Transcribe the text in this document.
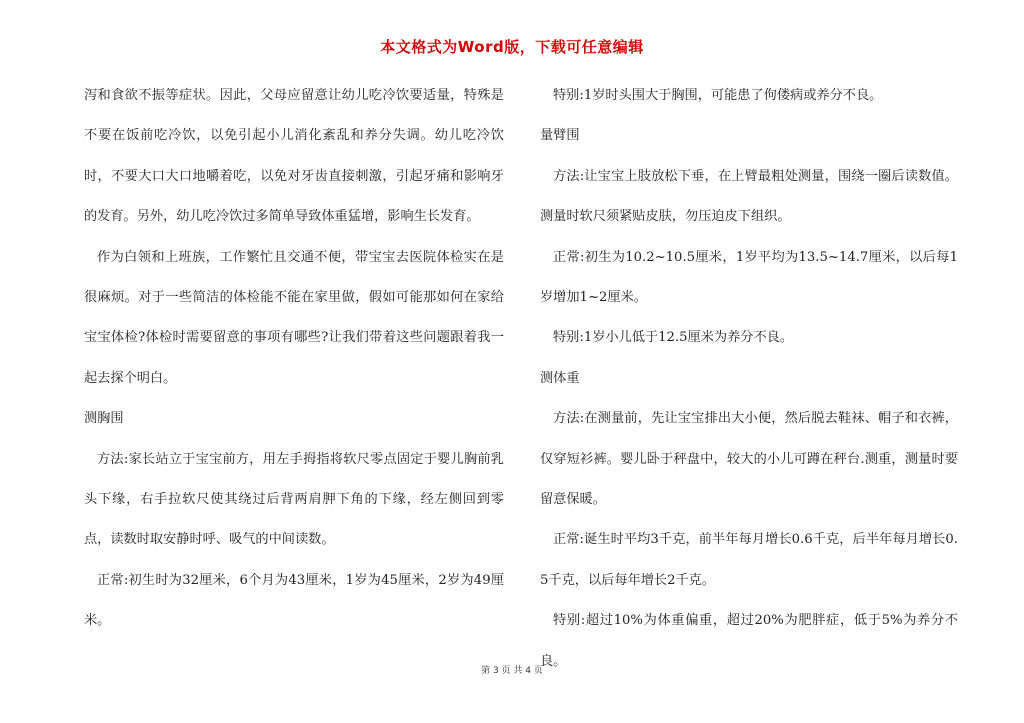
本文格式为Word版，下载可任意编辑

泻和食欲不振等症状。因此，父母应留意让幼儿吃冷饮要适量，特殊是不要在饭前吃冷饮，以免引起小儿消化紊乱和养分失调。幼儿吃冷饮时，不要大口大口地嚼着吃，以免对牙齿直接刺激，引起牙痛和影响牙的发育。另外，幼儿吃冷饮过多简单导致体重猛增，影响生长发育。

作为白领和上班族，工作繁忙且交通不便，带宝宝去医院体检实在是很麻烦。对于一些简洁的体检能不能在家里做，假如可能那如何在家给宝宝体检?体检时需要留意的事项有哪些?让我们带着这些问题跟着我一起去探个明白。

测胸围

方法:家长站立于宝宝前方，用左手拇指将软尺零点固定于婴儿胸前乳头下缘，右手拉软尺使其绕过后背两肩胛下角的下缘，经左侧回到零点，读数时取安静时呼、吸气的中间读数。

正常:初生时为32厘米，6个月为43厘米，1岁为45厘米，2岁为49厘米。

特别:1岁时头围大于胸围，可能患了佝偻病或养分不良。

量臂围

方法:让宝宝上肢放松下垂，在上臂最粗处测量，围绕一圈后读数值。测量时软尺须紧贴皮肤，勿压迫皮下组织。

正常:初生为10.2~10.5厘米，1岁平均为13.5~14.7厘米，以后每1岁增加1~2厘米。

特别:1岁小儿低于12.5厘米为养分不良。

测体重

方法:在测量前，先让宝宝排出大小便，然后脱去鞋袜、帽子和衣裤，仅穿短衫裤。婴儿卧于秤盘中，较大的小儿可蹲在秤台.测重，测量时要留意保暖。

正常:诞生时平均3千克，前半年每月增长0.6千克，后半年每月增长0.5千克，以后每年增长2千克。

特别:超过10%为体重偏重，超过20%为肥胖症，低于5%为养分不良。

第 3 页 共 4 页
